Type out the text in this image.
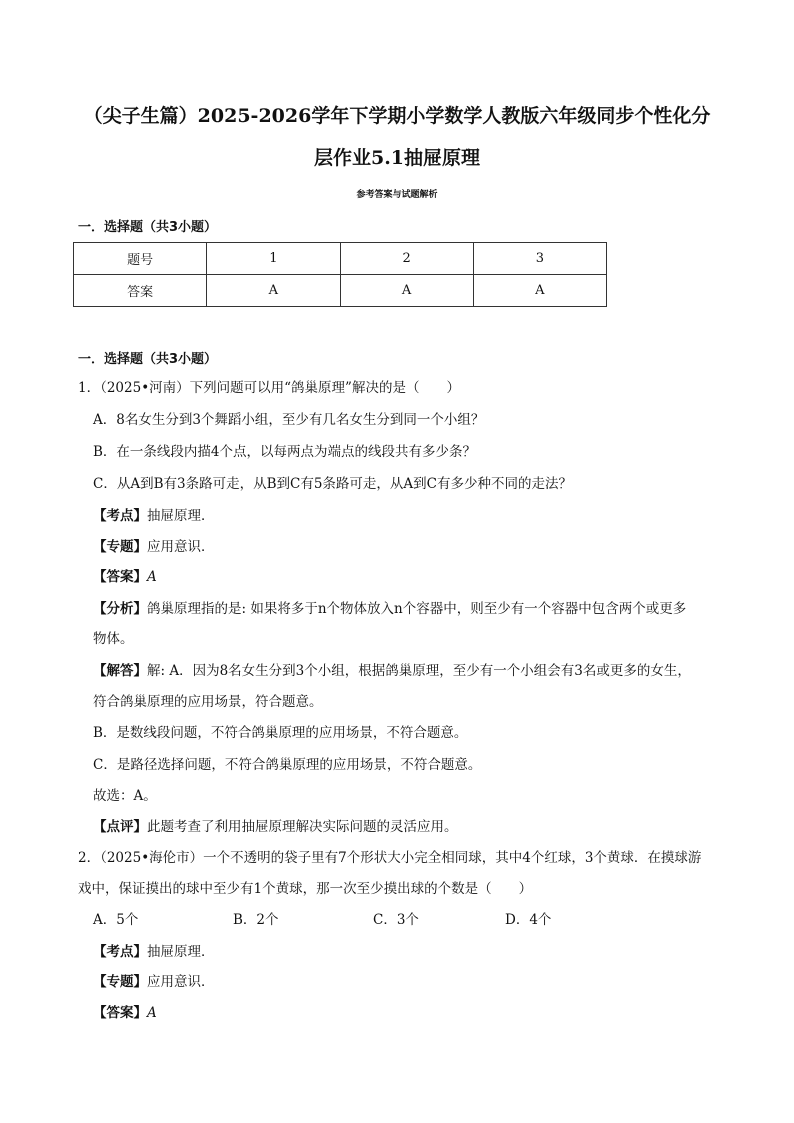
（尖子生篇）2025-2026学年下学期小学数学人教版六年级同步个性化分
层作业5.1抽屉原理
参考答案与试题解析
一．选择题（共3小题）
题号	1	2	3
答案	A	A	A
一．选择题（共3小题）
1．（2025•河南）下列问题可以用“鸽巢原理”解决的是（　　）
A．8名女生分到3个舞蹈小组，至少有几名女生分到同一个小组？
B．在一条线段内描4个点，以每两点为端点的线段共有多少条？
C．从A到B有3条路可走，从B到C有5条路可走，从A到C有多少种不同的走法？
【考点】抽屉原理．
【专题】应用意识．
【答案】A
【分析】鸽巢原理指的是: 如果将多于n个物体放入n个容器中，则至少有一个容器中包含两个或更多
物体。
【解答】解: A．因为8名女生分到3个小组，根据鸽巢原理，至少有一个小组会有3名或更多的女生，
符合鸽巢原理的应用场景，符合题意。
B．是数线段问题，不符合鸽巢原理的应用场景，不符合题意。
C．是路径选择问题，不符合鸽巢原理的应用场景，不符合题意。
故选：A。
【点评】此题考查了利用抽屉原理解决实际问题的灵活应用。
2．（2025•海伦市）一个不透明的袋子里有7个形状大小完全相同球，其中4个红球，3个黄球．在摸球游
戏中，保证摸出的球中至少有1个黄球，那一次至少摸出球的个数是（　　）
A．5个	B．2个	C．3个	D．4个
【考点】抽屉原理．
【专题】应用意识．
【答案】A
